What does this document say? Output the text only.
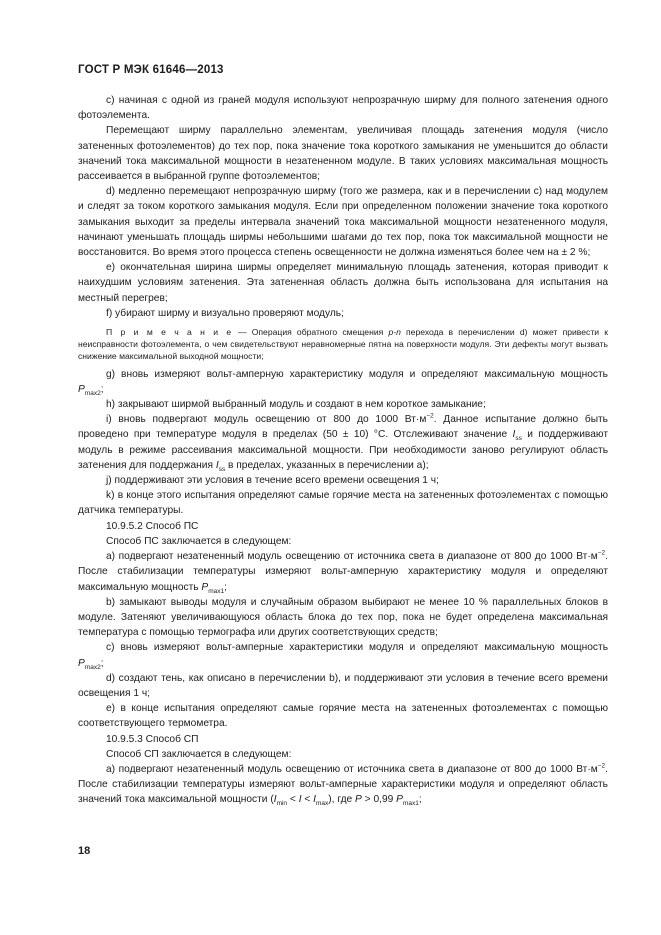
ГОСТ Р МЭК 61646—2013

c) начиная с одной из граней модуля используют непрозрачную ширму для полного затенения одного фотоэлемента.

Перемещают ширму параллельно элементам, увеличивая площадь затенения модуля (число затененных фотоэлементов) до тех пор, пока значение тока короткого замыкания не уменьшится до области значений тока максимальной мощности в незатененном модуле. В таких условиях максимальная мощность рассеивается в выбранной группе фотоэлементов;

d) медленно перемещают непрозрачную ширму (того же размера, как и в перечислении c) над модулем и следят за током короткого замыкания модуля. Если при определенном положении значение тока короткого замыкания выходит за пределы интервала значений тока максимальной мощности незатененного модуля, начинают уменьшать площадь ширмы небольшими шагами до тех пор, пока ток максимальной мощности не восстановится. Во время этого процесса степень освещенности не должна изменяться более чем на ± 2 %;

e) окончательная ширина ширмы определяет минимальную площадь затенения, которая приводит к наихудшим условиям затенения. Эта затененная область должна быть использована для испытания на местный перегрев;

f) убирают ширму и визуально проверяют модуль;

П р и м е ч а н и е — Операция обратного смещения p-n перехода в перечислении d) может привести к неисправности фотоэлемента, о чем свидетельствуют неравномерные пятна на поверхности модуля. Эти дефекты могут вызвать снижение максимальной выходной мощности;

g) вновь измеряют вольт-амперную характеристику модуля и определяют максимальную мощность $P_{max2}$;

h) закрывают ширмой выбранный модуль и создают в нем короткое замыкание;

i) вновь подвергают модуль освещению от 800 до 1000 $Вт\cdot м^{-2}$. Данное испытание должно быть проведено при температуре модуля в пределах (50 ± 10) °C. Отслеживают значение $I_{ss}$ и поддерживают модуль в режиме рассеивания максимальной мощности. При необходимости заново регулируют область затенения для поддержания $I_{ss}$ в пределах, указанных в перечислении a);

j) поддерживают эти условия в течение всего времени освещения 1 ч;

k) в конце этого испытания определяют самые горячие места на затененных фотоэлементах с помощью датчика температуры.

10.9.5.2 Способ ПС

Способ ПС заключается в следующем:

a) подвергают незатененный модуль освещению от источника света в диапазоне от 800 до 1000 $Вт\cdot м^{-2}$. После стабилизации температуры измеряют вольт-амперную характеристику модуля и определяют максимальную мощность $P_{max1}$;

b) замыкают выводы модуля и случайным образом выбирают не менее 10 % параллельных блоков в модуле. Затеняют увеличивающуюся область блока до тех пор, пока не будет определена максимальная температура с помощью термографа или других соответствующих средств;

c) вновь измеряют вольт-амперные характеристики модуля и определяют максимальную мощность $P_{max2}$;

d) создают тень, как описано в перечислении b), и поддерживают эти условия в течение всего времени освещения 1 ч;

e) в конце испытания определяют самые горячие места на затененных фотоэлементах с помощью соответствующего термометра.

10.9.5.3 Способ СП

Способ СП заключается в следующем:

a) подвергают незатененный модуль освещению от источника света в диапазоне от 800 до 1000 $Вт\cdot м^{-2}$. После стабилизации температуры измеряют вольт-амперные характеристики модуля и определяют область значений тока максимальной мощности $(I_{min} < I < I_{max})$, где P > 0,99 $P_{max1}$;

18
